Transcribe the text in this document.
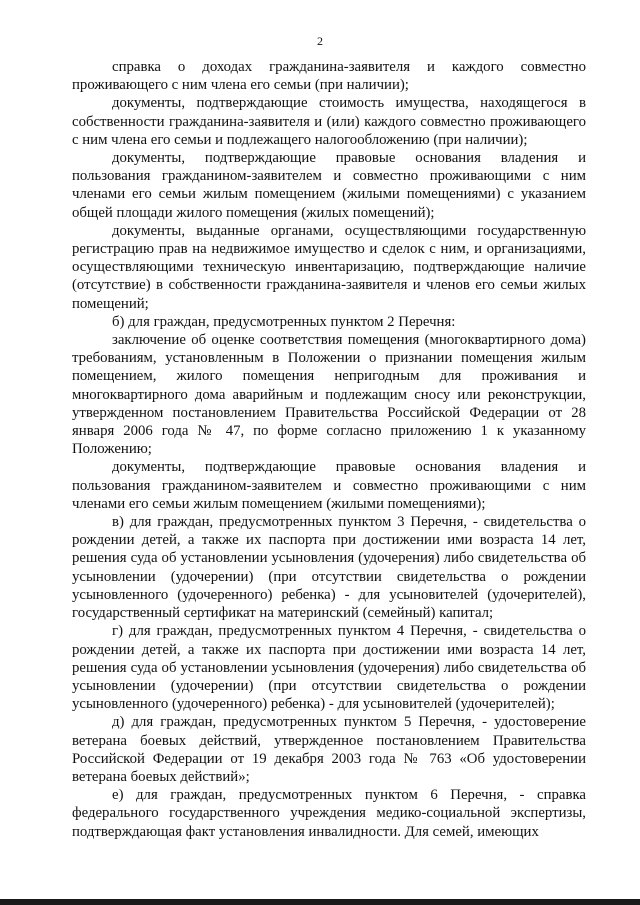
2

справка о доходах гражданина-заявителя и каждого совместно проживающего с ним члена его семьи (при наличии);

документы, подтверждающие стоимость имущества, находящегося в собственности гражданина-заявителя и (или) каждого совместно проживающего с ним члена его семьи и подлежащего налогообложению (при наличии);

документы, подтверждающие правовые основания владения и пользования гражданином-заявителем и совместно проживающими с ним членами его семьи жилым помещением (жилыми помещениями) с указанием общей площади жилого помещения (жилых помещений);

документы, выданные органами, осуществляющими государственную регистрацию прав на недвижимое имущество и сделок с ним, и организациями, осуществляющими техническую инвентаризацию, подтверждающие наличие (отсутствие) в собственности гражданина-заявителя и членов его семьи жилых помещений;

б) для граждан, предусмотренных пунктом 2 Перечня:

заключение об оценке соответствия помещения (многоквартирного дома) требованиям, установленным в Положении о признании помещения жилым помещением, жилого помещения непригодным для проживания и многоквартирного дома аварийным и подлежащим сносу или реконструкции, утвержденном постановлением Правительства Российской Федерации от 28 января 2006 года № 47, по форме согласно приложению 1 к указанному Положению;

документы, подтверждающие правовые основания владения и пользования гражданином-заявителем и совместно проживающими с ним членами его семьи жилым помещением (жилыми помещениями);

в) для граждан, предусмотренных пунктом 3 Перечня, - свидетельства о рождении детей, а также их паспорта при достижении ими возраста 14 лет, решения суда об установлении усыновления (удочерения) либо свидетельства об усыновлении (удочерении) (при отсутствии свидетельства о рождении усыновленного (удочеренного) ребенка) - для усыновителей (удочерителей), государственный сертификат на материнский (семейный) капитал;

г) для граждан, предусмотренных пунктом 4 Перечня, - свидетельства о рождении детей, а также их паспорта при достижении ими возраста 14 лет, решения суда об установлении усыновления (удочерения) либо свидетельства об усыновлении (удочерении) (при отсутствии свидетельства о рождении усыновленного (удочеренного) ребенка) - для усыновителей (удочерителей);

д) для граждан, предусмотренных пунктом 5 Перечня, - удостоверение ветерана боевых действий, утвержденное постановлением Правительства Российской Федерации от 19 декабря 2003 года № 763 «Об удостоверении ветерана боевых действий»;

е) для граждан, предусмотренных пунктом 6 Перечня, - справка федерального государственного учреждения медико-социальной экспертизы, подтверждающая факт установления инвалидности. Для семей, имеющих
